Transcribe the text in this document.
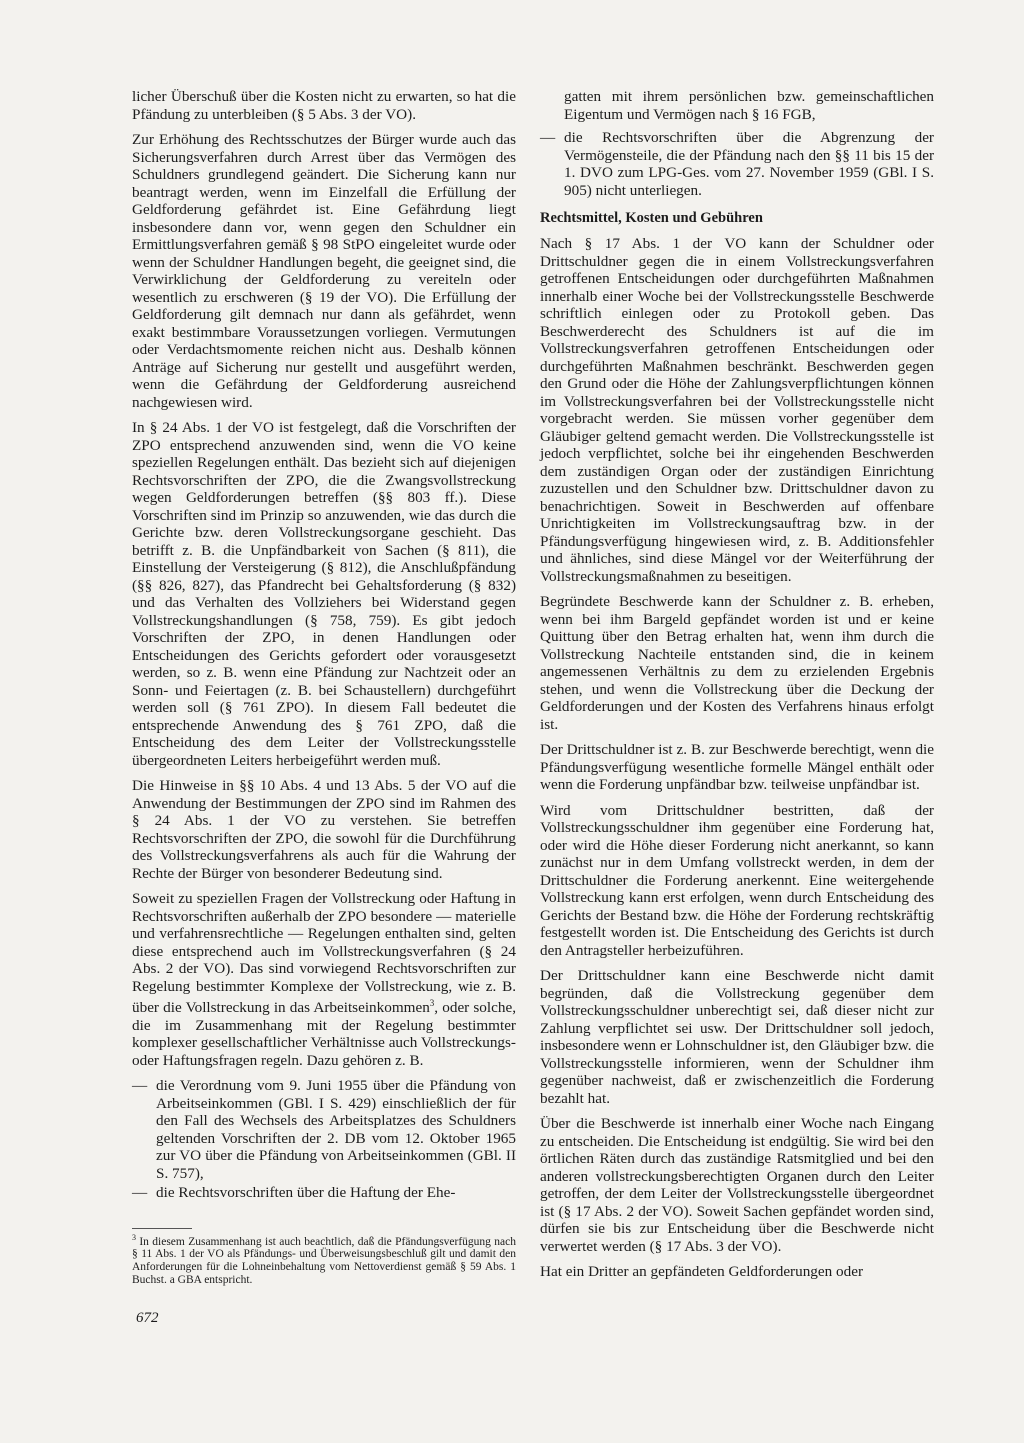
licher Überschuß über die Kosten nicht zu erwarten, so hat die Pfändung zu unterbleiben (§ 5 Abs. 3 der VO).

Zur Erhöhung des Rechtsschutzes der Bürger wurde auch das Sicherungsverfahren durch Arrest über das Vermögen des Schuldners grundlegend geändert. Die Sicherung kann nur beantragt werden, wenn im Einzelfall die Erfüllung der Geldforderung gefährdet ist. Eine Gefährdung liegt insbesondere dann vor, wenn gegen den Schuldner ein Ermittlungsverfahren gemäß § 98 StPO eingeleitet wurde oder wenn der Schuldner Handlungen begeht, die geeignet sind, die Verwirklichung der Geldforderung zu vereiteln oder wesentlich zu erschweren (§ 19 der VO). Die Erfüllung der Geldforderung gilt demnach nur dann als gefährdet, wenn exakt bestimmbare Voraussetzungen vorliegen. Vermutungen oder Verdachtsmomente reichen nicht aus. Deshalb können Anträge auf Sicherung nur gestellt und ausgeführt werden, wenn die Gefährdung der Geldforderung ausreichend nachgewiesen wird.

In § 24 Abs. 1 der VO ist festgelegt, daß die Vorschriften der ZPO entsprechend anzuwenden sind, wenn die VO keine speziellen Regelungen enthält. Das bezieht sich auf diejenigen Rechtsvorschriften der ZPO, die die Zwangsvollstreckung wegen Geldforderungen betreffen (§§ 803 ff.). Diese Vorschriften sind im Prinzip so anzuwenden, wie das durch die Gerichte bzw. deren Vollstreckungsorgane geschieht. Das betrifft z. B. die Unpfändbarkeit von Sachen (§ 811), die Einstellung der Versteigerung (§ 812), die Anschlußpfändung (§§ 826, 827), das Pfandrecht bei Gehaltsforderung (§ 832) und das Verhalten des Vollziehers bei Widerstand gegen Vollstreckungshandlungen (§ 758, 759). Es gibt jedoch Vorschriften der ZPO, in denen Handlungen oder Entscheidungen des Gerichts gefordert oder vorausgesetzt werden, so z. B. wenn eine Pfändung zur Nachtzeit oder an Sonn- und Feiertagen (z. B. bei Schaustellern) durchgeführt werden soll (§ 761 ZPO). In diesem Fall bedeutet die entsprechende Anwendung des § 761 ZPO, daß die Entscheidung des dem Leiter der Vollstreckungsstelle übergeordneten Leiters herbeigeführt werden muß.

Die Hinweise in §§ 10 Abs. 4 und 13 Abs. 5 der VO auf die Anwendung der Bestimmungen der ZPO sind im Rahmen des § 24 Abs. 1 der VO zu verstehen. Sie betreffen Rechtsvorschriften der ZPO, die sowohl für die Durchführung des Vollstreckungsverfahrens als auch für die Wahrung der Rechte der Bürger von besonderer Bedeutung sind.

Soweit zu speziellen Fragen der Vollstreckung oder Haftung in Rechtsvorschriften außerhalb der ZPO besondere — materielle und verfahrensrechtliche — Regelungen enthalten sind, gelten diese entsprechend auch im Vollstreckungsverfahren (§ 24 Abs. 2 der VO). Das sind vorwiegend Rechtsvorschriften zur Regelung bestimmter Komplexe der Vollstreckung, wie z. B. über die Vollstreckung in das Arbeitseinkommen$^3$, oder solche, die im Zusammenhang mit der Regelung bestimmter komplexer gesellschaftlicher Verhältnisse auch Vollstreckungs- oder Haftungsfragen regeln. Dazu gehören z. B.

— die Verordnung vom 9. Juni 1955 über die Pfändung von Arbeitseinkommen (GBl. I S. 429) einschließlich der für den Fall des Wechsels des Arbeitsplatzes des Schuldners geltenden Vorschriften der 2. DB vom 12. Oktober 1965 zur VO über die Pfändung von Arbeitseinkommen (GBl. II S. 757),
— die Rechtsvorschriften über die Haftung der Ehe-
$^3$ In diesem Zusammenhang ist auch beachtlich, daß die Pfändungsverfügung nach § 11 Abs. 1 der VO als Pfändungs- und Überweisungsbeschluß gilt und damit den Anforderungen für die Lohneinbehaltung vom Nettoverdienst gemäß § 59 Abs. 1 Buchst. a GBA entspricht.
672

gatten mit ihrem persönlichen bzw. gemeinschaftlichen Eigentum und Vermögen nach § 16 FGB,

— die Rechtsvorschriften über die Abgrenzung der Vermögensteile, die der Pfändung nach den §§ 11 bis 15 der 1. DVO zum LPG-Ges. vom 27. November 1959 (GBl. I S. 905) nicht unterliegen.
Rechtsmittel, Kosten und Gebühren

Nach § 17 Abs. 1 der VO kann der Schuldner oder Drittschuldner gegen die in einem Vollstreckungsverfahren getroffenen Entscheidungen oder durchgeführten Maßnahmen innerhalb einer Woche bei der Vollstreckungsstelle Beschwerde schriftlich einlegen oder zu Protokoll geben. Das Beschwerderecht des Schuldners ist auf die im Vollstreckungsverfahren getroffenen Entscheidungen oder durchgeführten Maßnahmen beschränkt. Beschwerden gegen den Grund oder die Höhe der Zahlungsverpflichtungen können im Vollstreckungsverfahren bei der Vollstreckungsstelle nicht vorgebracht werden. Sie müssen vorher gegenüber dem Gläubiger geltend gemacht werden. Die Vollstreckungsstelle ist jedoch verpflichtet, solche bei ihr eingehenden Beschwerden dem zuständigen Organ oder der zuständigen Einrichtung zuzustellen und den Schuldner bzw. Drittschuldner davon zu benachrichtigen. Soweit in Beschwerden auf offenbare Unrichtigkeiten im Vollstreckungsauftrag bzw. in der Pfändungsverfügung hingewiesen wird, z. B. Additionsfehler und ähnliches, sind diese Mängel vor der Weiterführung der Vollstreckungsmaßnahmen zu beseitigen.

Begründete Beschwerde kann der Schuldner z. B. erheben, wenn bei ihm Bargeld gepfändet worden ist und er keine Quittung über den Betrag erhalten hat, wenn ihm durch die Vollstreckung Nachteile entstanden sind, die in keinem angemessenen Verhältnis zu dem zu erzielenden Ergebnis stehen, und wenn die Vollstreckung über die Deckung der Geldforderungen und der Kosten des Verfahrens hinaus erfolgt ist.

Der Drittschuldner ist z. B. zur Beschwerde berechtigt, wenn die Pfändungsverfügung wesentliche formelle Mängel enthält oder wenn die Forderung unpfändbar bzw. teilweise unpfändbar ist.

Wird vom Drittschuldner bestritten, daß der Vollstreckungsschuldner ihm gegenüber eine Forderung hat, oder wird die Höhe dieser Forderung nicht anerkannt, so kann zunächst nur in dem Umfang vollstreckt werden, in dem der Drittschuldner die Forderung anerkennt. Eine weitergehende Vollstreckung kann erst erfolgen, wenn durch Entscheidung des Gerichts der Bestand bzw. die Höhe der Forderung rechtskräftig festgestellt worden ist. Die Entscheidung des Gerichts ist durch den Antragsteller herbeizuführen.

Der Drittschuldner kann eine Beschwerde nicht damit begründen, daß die Vollstreckung gegenüber dem Vollstreckungsschuldner unberechtigt sei, daß dieser nicht zur Zahlung verpflichtet sei usw. Der Drittschuldner soll jedoch, insbesondere wenn er Lohnschuldner ist, den Gläubiger bzw. die Vollstreckungsstelle informieren, wenn der Schuldner ihm gegenüber nachweist, daß er zwischenzeitlich die Forderung bezahlt hat.

Über die Beschwerde ist innerhalb einer Woche nach Eingang zu entscheiden. Die Entscheidung ist endgültig. Sie wird bei den örtlichen Räten durch das zuständige Ratsmitglied und bei den anderen vollstreckungsberechtigten Organen durch den Leiter getroffen, der dem Leiter der Vollstreckungsstelle übergeordnet ist (§ 17 Abs. 2 der VO). Soweit Sachen gepfändet worden sind, dürfen sie bis zur Entscheidung über die Beschwerde nicht verwertet werden (§ 17 Abs. 3 der VO).

Hat ein Dritter an gepfändeten Geldforderungen oder
